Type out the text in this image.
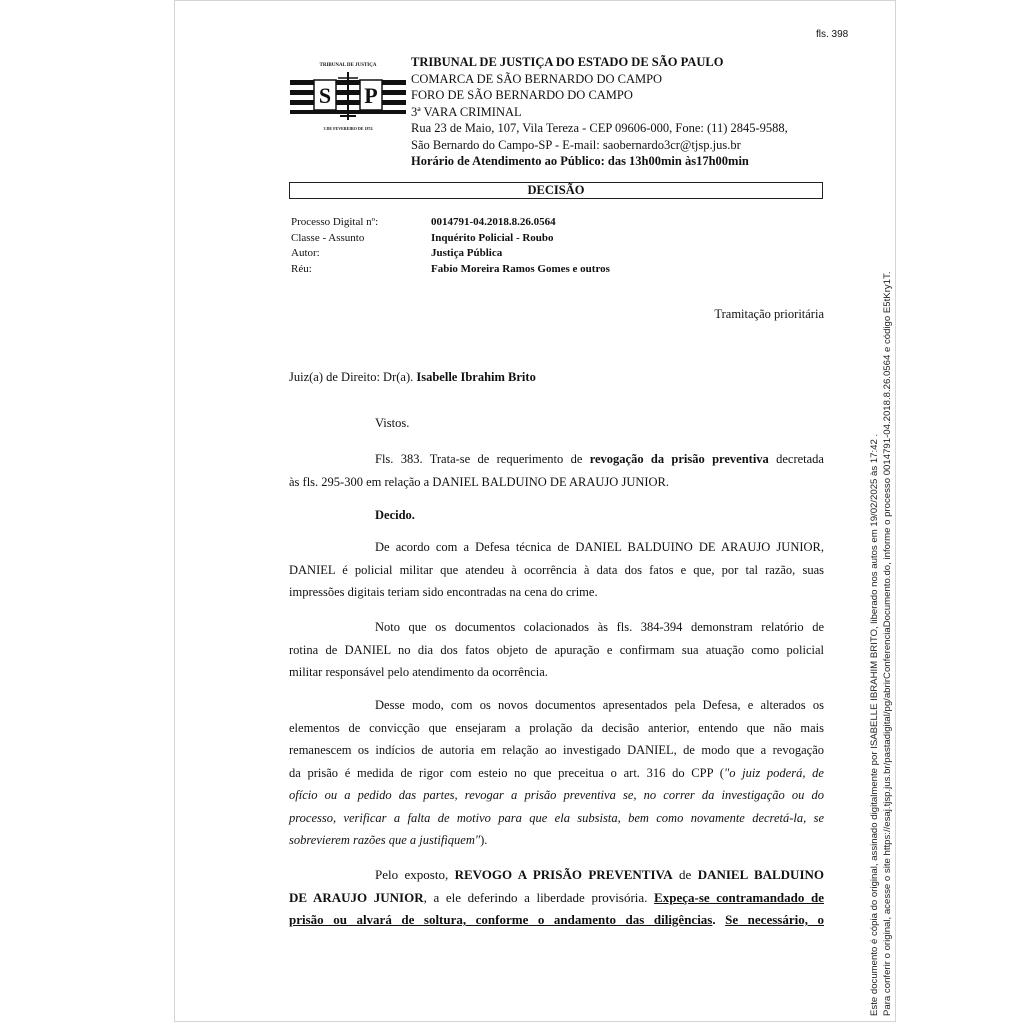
fls. 398
S P
TRIBUNAL DE JUSTIÇA
3 DE FEVEREIRO DE 1874
TRIBUNAL DE JUSTIÇA DO ESTADO DE SÃO PAULO
COMARCA DE SÃO BERNARDO DO CAMPO
FORO DE SÃO BERNARDO DO CAMPO
3ª VARA CRIMINAL
Rua 23 de Maio, 107, Vila Tereza - CEP 09606-000, Fone: (11) 2845-9588,
São Bernardo do Campo-SP - E-mail: saobernardo3cr@tjsp.jus.br
Horário de Atendimento ao Público: das 13h00min às17h00min
DECISÃO
Processo Digital nº:	0014791-04.2018.8.26.0564
Classe - Assunto	Inquérito Policial - Roubo
Autor:	Justiça Pública
Réu:	Fabio Moreira Ramos Gomes e outros
Tramitação prioritária
Juiz(a) de Direito: Dr(a). Isabelle Ibrahim Brito
Vistos.
Fls. 383. Trata-se de requerimento de revogação da prisão preventiva decretada
às fls. 295-300 em relação a DANIEL BALDUINO DE ARAUJO JUNIOR.
Decido.
De acordo com a Defesa técnica de DANIEL BALDUINO DE ARAUJO JUNIOR,
DANIEL é policial militar que atendeu à ocorrência à data dos fatos e que, por tal razão, suas
impressões digitais teriam sido encontradas na cena do crime.
Noto que os documentos colacionados às fls. 384-394 demonstram relatório de
rotina de DANIEL no dia dos fatos objeto de apuração e confirmam sua atuação como policial
militar responsável pelo atendimento da ocorrência.
Desse modo, com os novos documentos apresentados pela Defesa, e alterados os
elementos de convicção que ensejaram a prolação da decisão anterior, entendo que não mais
remanescem os indícios de autoria em relação ao investigado DANIEL, de modo que a revogação
da prisão é medida de rigor com esteio no que preceitua o art. 316 do CPP ("o juiz poderá, de
ofício ou a pedido das partes, revogar a prisão preventiva se, no correr da investigação ou do
processo, verificar a falta de motivo para que ela subsista, bem como novamente decretá-la, se
sobrevierem razões que a justifiquem").
Pelo exposto, REVOGO A PRISÃO PREVENTIVA de DANIEL BALDUINO
DE ARAUJO JUNIOR, a ele deferindo a liberdade provisória. Expeça-se contramandado de
prisão ou alvará de soltura, conforme o andamento das diligências. Se necessário, o	Este documento é cópia do original, assinado digitalmente por ISABELLE IBRAHIM BRITO, liberado nos autos em 19/02/2025 às 17:42 . Para conferir o original, acesse o site https://esaj.tjsp.jus.br/pastadigital/pg/abrirConferenciaDocumento.do, informe o processo 0014791-04.2018.8.26.0564 e código E5tKry1T.
